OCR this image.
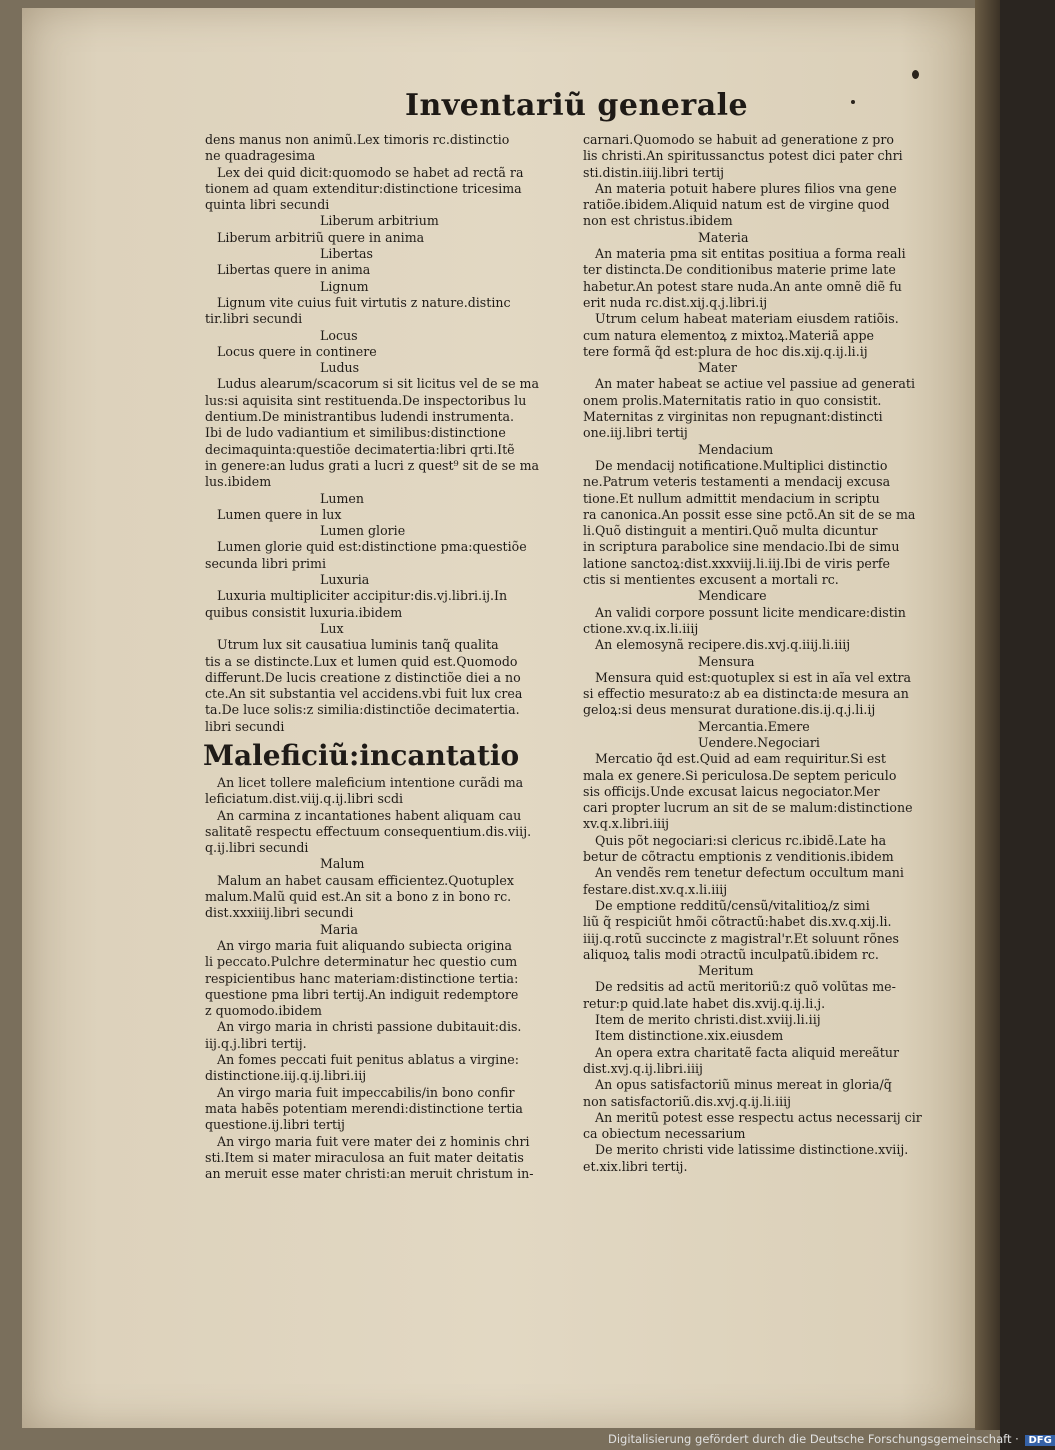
Inventariũ generale
dens manus non animũ.Lex timoris rc.distinctio
ne quadragesima
Lex dei quid dicit:quomodo se habet ad rectã ra
tionem ad quam extenditur:distinctione tricesima
quinta libri secundi
Liberum arbitrium
Liberum arbitriũ quere in anima
Libertas
Libertas quere in anima
Lignum
Lignum vite cuius fuit virtutis z nature.distinc
tir.libri secundi
Locus
Locus quere in continere
Ludus
Ludus alearum/scacorum si sit licitus vel de se ma
lus:si aquisita sint restituenda.De inspectoribus lu
dentium.De ministrantibus ludendi instrumenta.
Ibi de ludo vadiantium et similibus:distinctione
decimaquinta:questiõe decimatertia:libri qrti.Itẽ
in genere:an ludus grati a lucri z quest⁹ sit de se ma
lus.ibidem
Lumen
Lumen quere in lux
Lumen glorie
Lumen glorie quid est:distinctione pma:questiõe
secunda libri primi
Luxuria
Luxuria multipliciter accipitur:dis.vj.libri.ij.In
quibus consistit luxuria.ibidem
Lux
Utrum lux sit causatiua luminis tanq̃ qualita
tis a se distincte.Lux et lumen quid est.Quomodo
differunt.De lucis creatione z distinctiõe diei a no
cte.An sit substantia vel accidens.vbi fuit lux crea
ta.De luce solis:z similia:distinctiõe decimatertia.
libri secundi
Maleficiũ:incantatio
An licet tollere maleficium intentione curãdi ma
leficiatum.dist.viij.q.ij.libri scdi
An carmina z incantationes habent aliquam cau
salitatẽ respectu effectuum consequentium.dis.viij.
q.ij.libri secundi
Malum
Malum an habet causam efficientez.Quotuplex
malum.Malũ quid est.An sit a bono z in bono rc.
dist.xxxiiij.libri secundi
Maria
An virgo maria fuit aliquando subiecta origina
li peccato.Pulchre determinatur hec questio cum
respicientibus hanc materiam:distinctione tertia:
questione pma libri tertij.An indiguit redemptore
z quomodo.ibidem
An virgo maria in christi passione dubitauit:dis.
iij.q.j.libri tertij.
An fomes peccati fuit penitus ablatus a virgine:
distinctione.iij.q.ij.libri.iij
An virgo maria fuit impeccabilis/in bono confir
mata habẽs potentiam merendi:distinctione tertia
questione.ij.libri tertij
An virgo maria fuit vere mater dei z hominis chri
sti.Item si mater miraculosa an fuit mater deitatis
an meruit esse mater christi:an meruit christum in-
carnari.Quomodo se habuit ad generatione z pro
lis christi.An spiritussanctus potest dici pater chri
sti.distin.iiij.libri tertij
An materia potuit habere plures filios vna gene
ratiõe.ibidem.Aliquid natum est de virgine quod
non est christus.ibidem
Materia
An materia pma sit entitas positiua a forma reali
ter distincta.De conditionibus materie prime late
habetur.An potest stare nuda.An ante omnẽ diẽ fu
erit nuda rc.dist.xij.q.j.libri.ij
Utrum celum habeat materiam eiusdem ratiõis.
cum natura elementoꝝ z mixtoꝝ.Materiã appe
tere formã q̃d est:plura de hoc dis.xij.q.ij.li.ij
Mater
An mater habeat se actiue vel passiue ad generati
onem prolis.Maternitatis ratio in quo consistit.
Maternitas z virginitas non repugnant:distincti
one.iij.libri tertij
Mendacium
De mendacij notificatione.Multiplici distinctio
ne.Patrum veteris testamenti a mendacij excusa
tione.Et nullum admittit mendacium in scriptu
ra canonica.An possit esse sine pctõ.An sit de se ma
li.Quõ distinguit a mentiri.Quõ multa dicuntur
in scriptura parabolice sine mendacio.Ibi de simu
latione sanctoꝝ:dist.xxxviij.li.iij.Ibi de viris perfe
ctis si mentientes excusent a mortali rc.
Mendicare
An validi corpore possunt licite mendicare:distin
ctione.xv.q.ix.li.iiij
An elemosynã recipere.dis.xvj.q.iiij.li.iiij
Mensura
Mensura quid est:quotuplex si est in aĩa vel extra
si effectio mesurato:z ab ea distincta:de mesura an
geloꝝ:si deus mensurat duratione.dis.ij.q.j.li.ij
Mercantia.Emere
Uendere.Negociari
Mercatio q̃d est.Quid ad eam requiritur.Si est
mala ex genere.Si periculosa.De septem periculo
sis officijs.Unde excusat laicus negociator.Mer
cari propter lucrum an sit de se malum:distinctione
xv.q.x.libri.iiij
Quis põt negociari:si clericus rc.ibidẽ.Late ha
betur de cõtractu emptionis z venditionis.ibidem
An vendẽs rem tenetur defectum occultum mani
festare.dist.xv.q.x.li.iiij
De emptione redditũ/censũ/vitalitioꝝ/z simi
liũ q̃ respiciũt hmõi cõtractũ:habet dis.xv.q.xij.li.
iiij.q.rotũ succincte z magistral'r.Et soluunt rõnes
aliquoꝝ talis modi ɔtractũ inculpatũ.ibidem rc.
Meritum
De redsitis ad actũ meritoriũ:z quõ volũtas me-
retur:p quid.late habet dis.xvij.q.ij.li.j.
Item de merito christi.dist.xviij.li.iij
Item distinctione.xix.eiusdem
An opera extra charitatẽ facta aliquid mereãtur
dist.xvj.q.ij.libri.iiij
An opus satisfactoriũ minus mereat in gloria/q̃
non satisfactoriũ.dis.xvj.q.ij.li.iiij
An meritũ potest esse respectu actus necessarij cir
ca obiectum necessarium
De merito christi vide latissime distinctione.xviij.
et.xix.libri tertij.
Digitalisierung gefördert durch die Deutsche Forschungsgemeinschaft · DFG
